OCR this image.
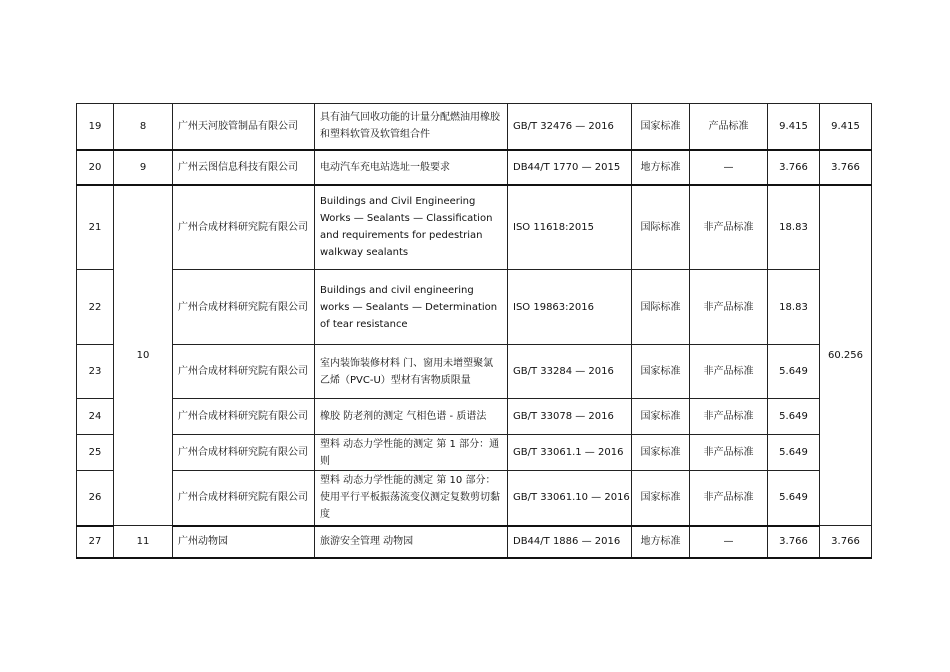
19	8	广州天河胶管制品有限公司	具有油气回收功能的计量分配燃油用橡胶和塑料软管及软管组合件	GB/T 32476 — 2016	国家标准	产品标准	9.415	9.415
20	9	广州云图信息科技有限公司	电动汽车充电站选址一般要求	DB44/T 1770 — 2015	地方标准	—	3.766	3.766
21	10	广州合成材料研究院有限公司	Buildings and Civil Engineering Works — Sealants — Classification and requirements for pedestrian walkway sealants	ISO 11618:2015	国际标准	非产品标准	18.83	60.256
22		广州合成材料研究院有限公司	Buildings and civil engineering works — Sealants — Determination of tear resistance	ISO 19863:2016	国际标准	非产品标准	18.83	
23		广州合成材料研究院有限公司	室内装饰装修材料 门、窗用未增塑聚氯乙烯（PVC-U）型材有害物质限量	GB/T 33284 — 2016	国家标准	非产品标准	5.649	
24		广州合成材料研究院有限公司	橡胶 防老剂的测定 气相色谱 - 质谱法	GB/T 33078 — 2016	国家标准	非产品标准	5.649	
25		广州合成材料研究院有限公司	塑料 动态力学性能的测定 第 1 部分：通则	GB/T 33061.1 — 2016	国家标准	非产品标准	5.649	
26		广州合成材料研究院有限公司	塑料 动态力学性能的测定 第 10 部分：使用平行平板振荡流变仪测定复数剪切黏度	GB/T 33061.10 — 2016	国家标准	非产品标准	5.649	
27	11	广州动物园	旅游安全管理 动物园	DB44/T 1886 — 2016	地方标准	—	3.766	3.766
